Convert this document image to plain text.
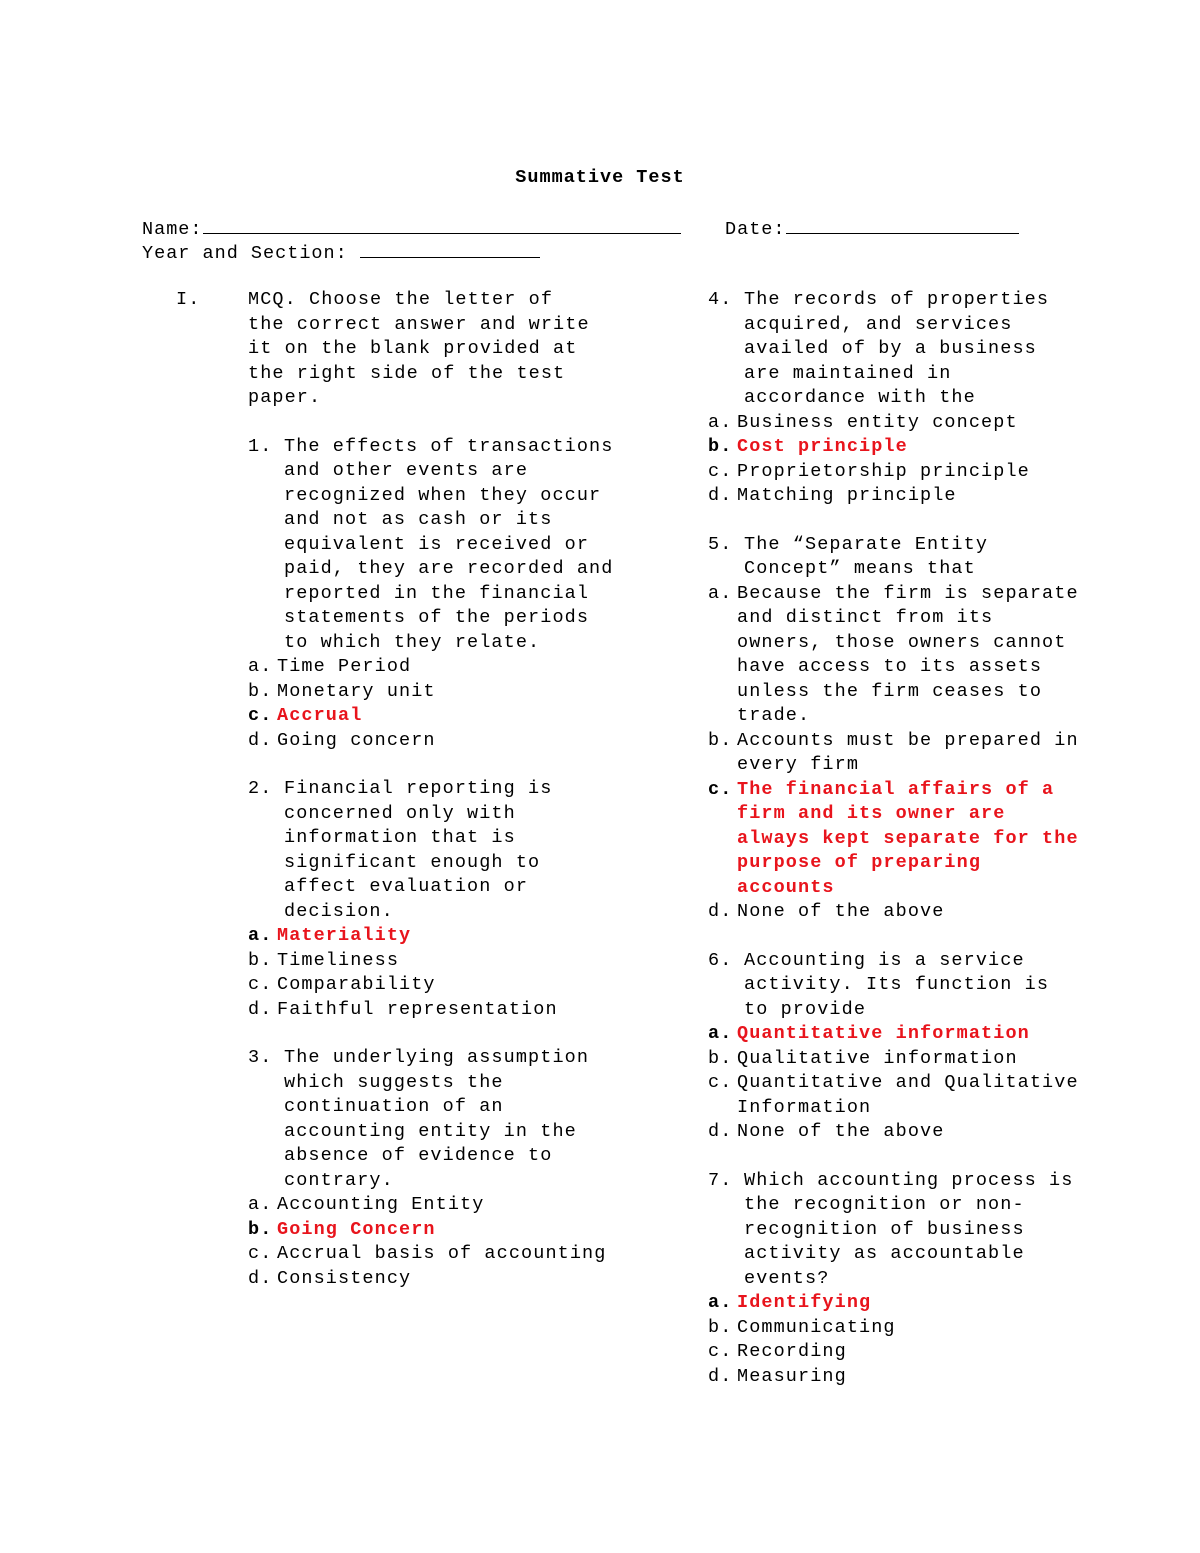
Summative Test
Name:	Date:
Year and Section:
I.	MCQ. Choose the letter of the correct answer and write it on the blank provided at the right side of the test paper.
1. The effects of transactions and other events are recognized when they occur and not as cash or its equivalent is received or paid, they are recorded and reported in the financial statements of the periods to which they relate.
a. Time Period
b. Monetary unit
c. Accrual
d. Going concern
2. Financial reporting is concerned only with information that is significant enough to affect evaluation or decision.
a. Materiality
b. Timeliness
c. Comparability
d. Faithful representation
3. The underlying assumption which suggests the continuation of an accounting entity in the absence of evidence to contrary.
a. Accounting Entity
b. Going Concern
c. Accrual basis of accounting
d. Consistency
4. The records of properties acquired, and services availed of by a business are maintained in accordance with the
a. Business entity concept
b. Cost principle
c. Proprietorship principle
d. Matching principle
5. The “Separate Entity Concept” means that
a. Because the firm is separate and distinct from its owners, those owners cannot have access to its assets unless the firm ceases to trade.
b. Accounts must be prepared in every firm
c. The financial affairs of a firm and its owner are always kept separate for the purpose of preparing accounts
d. None of the above
6. Accounting is a service activity. Its function is to provide
a. Quantitative information
b. Qualitative information
c. Quantitative and Qualitative Information
d. None of the above
7. Which accounting process is the recognition or non-recognition of business activity as accountable events?
a. Identifying
b. Communicating
c. Recording
d. Measuring
